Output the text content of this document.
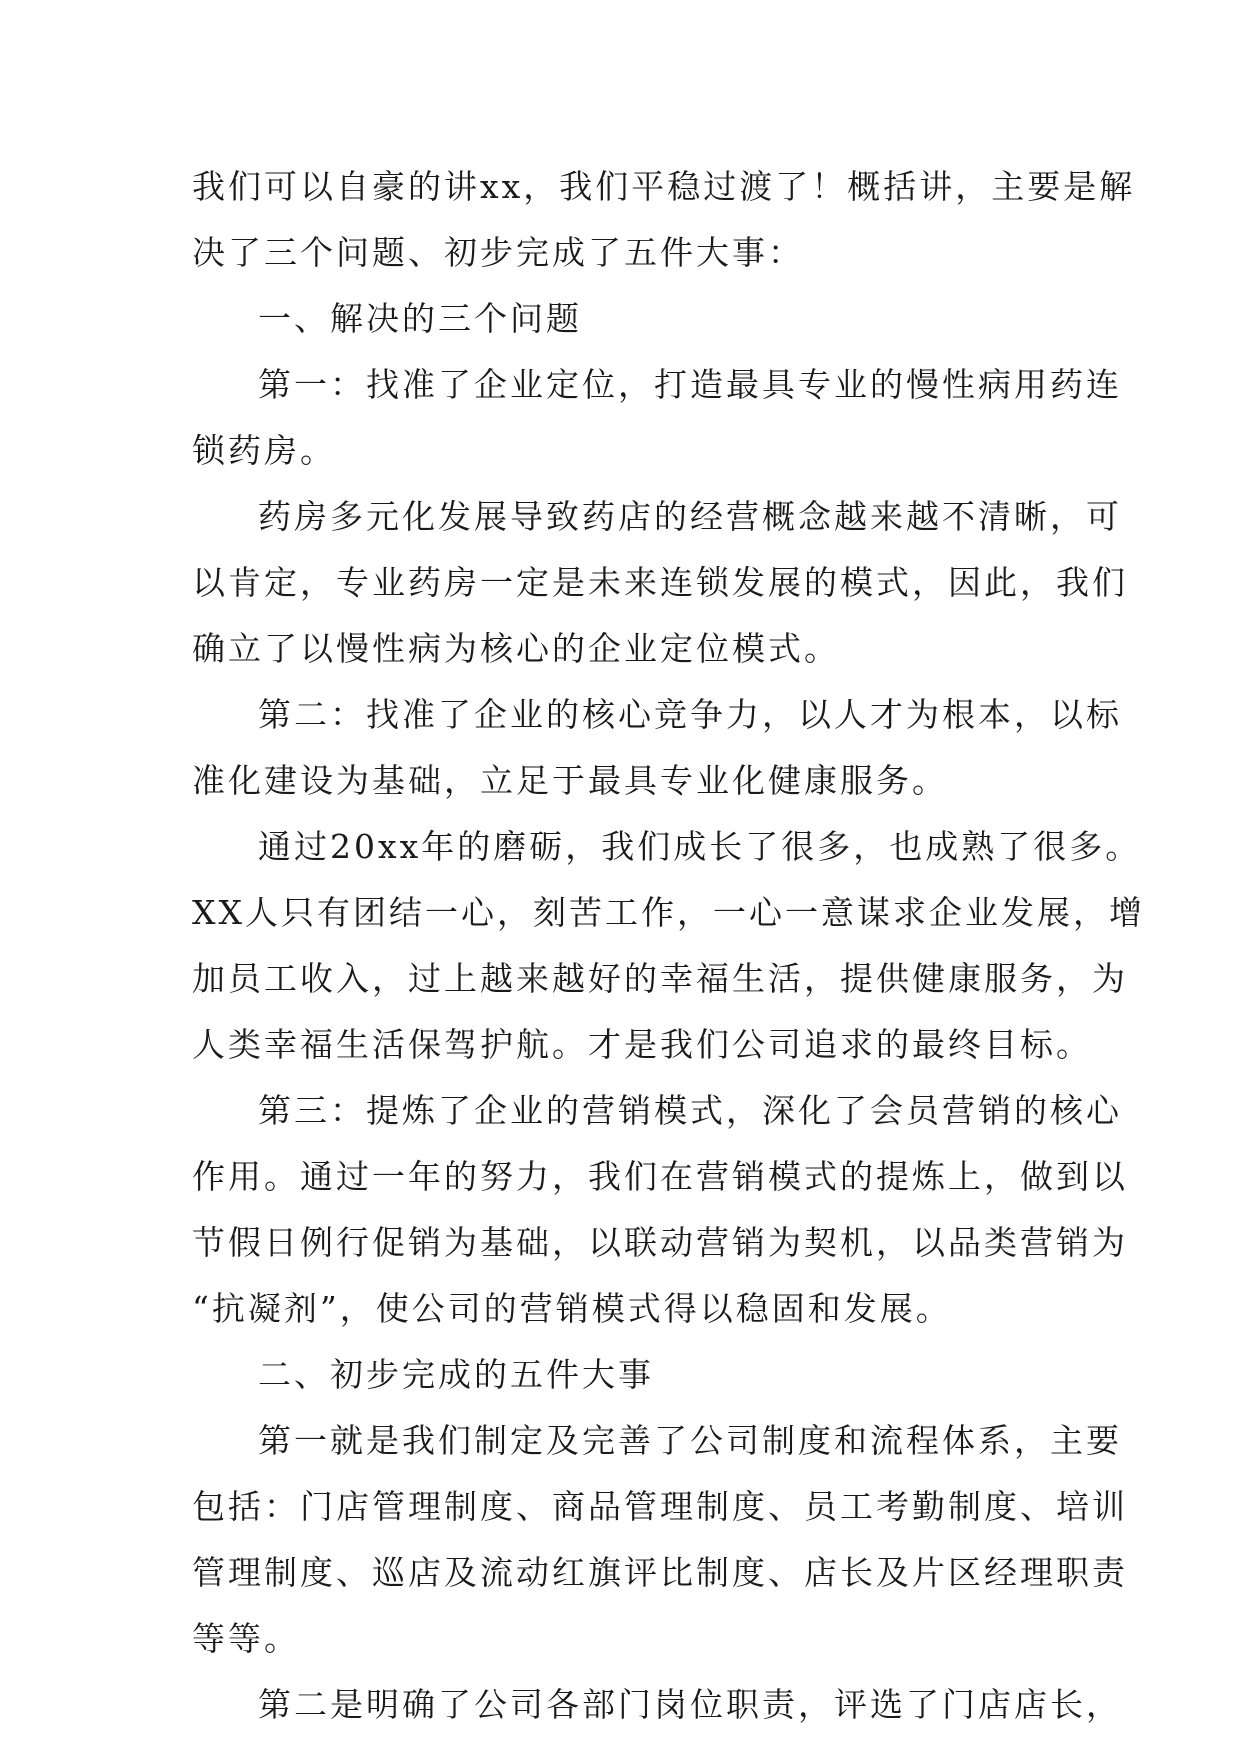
我们可以自豪的讲xx，我们平稳过渡了！概括讲，主要是解
决了三个问题、初步完成了五件大事：
一、解决的三个问题
第一：找准了企业定位，打造最具专业的慢性病用药连
锁药房。
药房多元化发展导致药店的经营概念越来越不清晰，可
以肯定，专业药房一定是未来连锁发展的模式，因此，我们
确立了以慢性病为核心的企业定位模式。
第二：找准了企业的核心竞争力，以人才为根本，以标
准化建设为基础，立足于最具专业化健康服务。
通过20xx年的磨砺，我们成长了很多，也成熟了很多。
XX人只有团结一心，刻苦工作，一心一意谋求企业发展，增
加员工收入，过上越来越好的幸福生活，提供健康服务，为
人类幸福生活保驾护航。才是我们公司追求的最终目标。
第三：提炼了企业的营销模式，深化了会员营销的核心
作用。通过一年的努力，我们在营销模式的提炼上，做到以
节假日例行促销为基础，以联动营销为契机，以品类营销为
“抗凝剂”，使公司的营销模式得以稳固和发展。
二、初步完成的五件大事
第一就是我们制定及完善了公司制度和流程体系，主要
包括：门店管理制度、商品管理制度、员工考勤制度、培训
管理制度、巡店及流动红旗评比制度、店长及片区经理职责
等等。
第二是明确了公司各部门岗位职责，评选了门店店长，
